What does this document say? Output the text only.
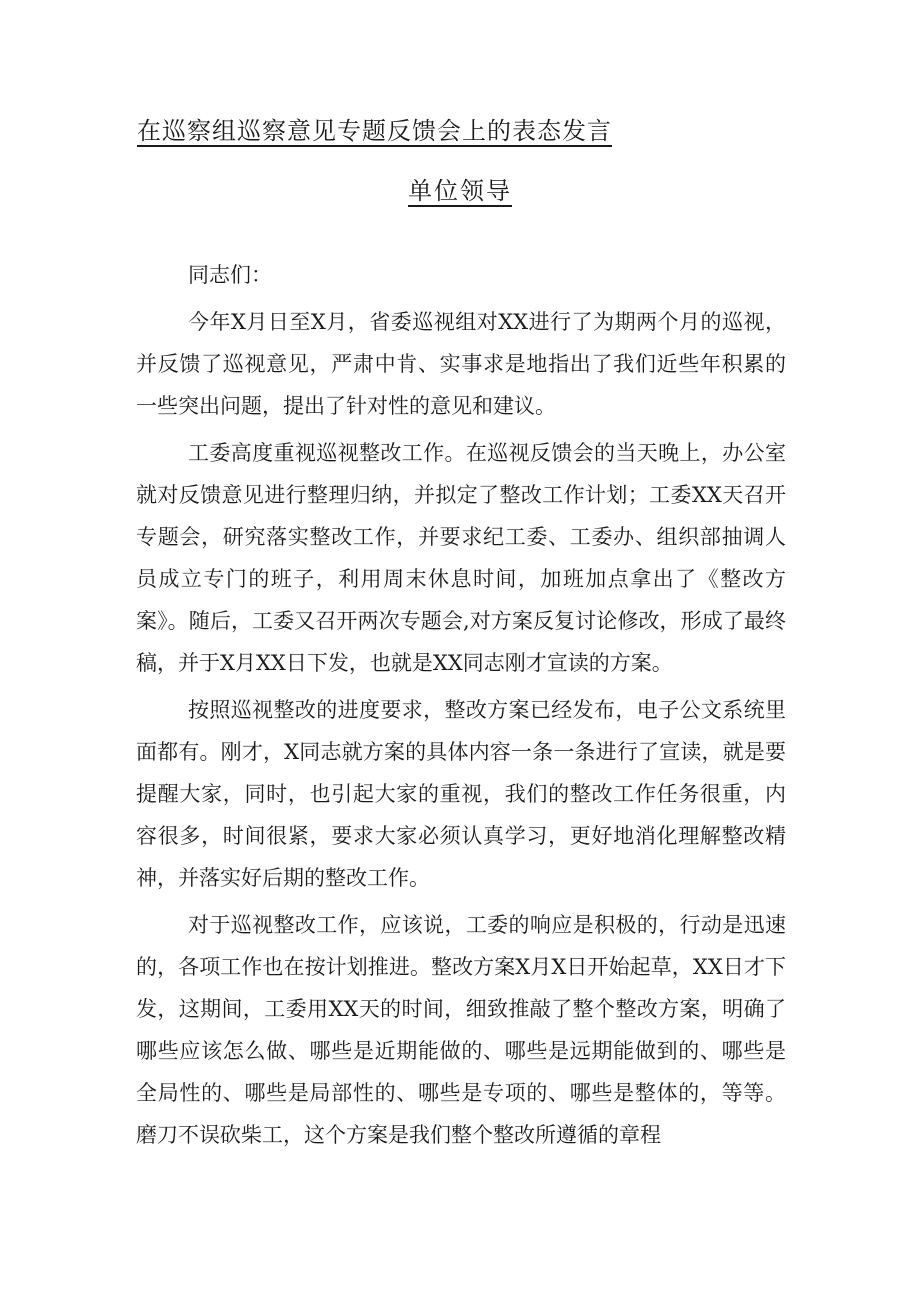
在巡察组巡察意见专题反馈会上的表态发言
单位领导

同志们：

今年X月日至X月，省委巡视组对XX进行了为期两个月的巡视，并反馈了巡视意见，严肃中肯、实事求是地指出了我们近些年积累的一些突出问题，提出了针对性的意见和建议。

工委高度重视巡视整改工作。在巡视反馈会的当天晚上，办公室就对反馈意见进行整理归纳，并拟定了整改工作计划；工委XX天召开专题会，研究落实整改工作，并要求纪工委、工委办、组织部抽调人员成立专门的班子，利用周末休息时间，加班加点拿出了《整改方案》。随后，工委又召开两次专题会,对方案反复讨论修改，形成了最终稿，并于X月XX日下发，也就是XX同志刚才宣读的方案。

按照巡视整改的进度要求，整改方案已经发布，电子公文系统里面都有。刚才，X同志就方案的具体内容一条一条进行了宣读，就是要提醒大家，同时，也引起大家的重视，我们的整改工作任务很重，内容很多，时间很紧，要求大家必须认真学习，更好地消化理解整改精神，并落实好后期的整改工作。

对于巡视整改工作，应该说，工委的响应是积极的，行动是迅速的，各项工作也在按计划推进。整改方案X月X日开始起草，XX日才下发，这期间，工委用XX天的时间，细致推敲了整个整改方案，明确了哪些应该怎么做、哪些是近期能做的、哪些是远期能做到的、哪些是全局性的、哪些是局部性的、哪些是专项的、哪些是整体的，等等。磨刀不误砍柴工，这个方案是我们整个整改所遵循的章程
